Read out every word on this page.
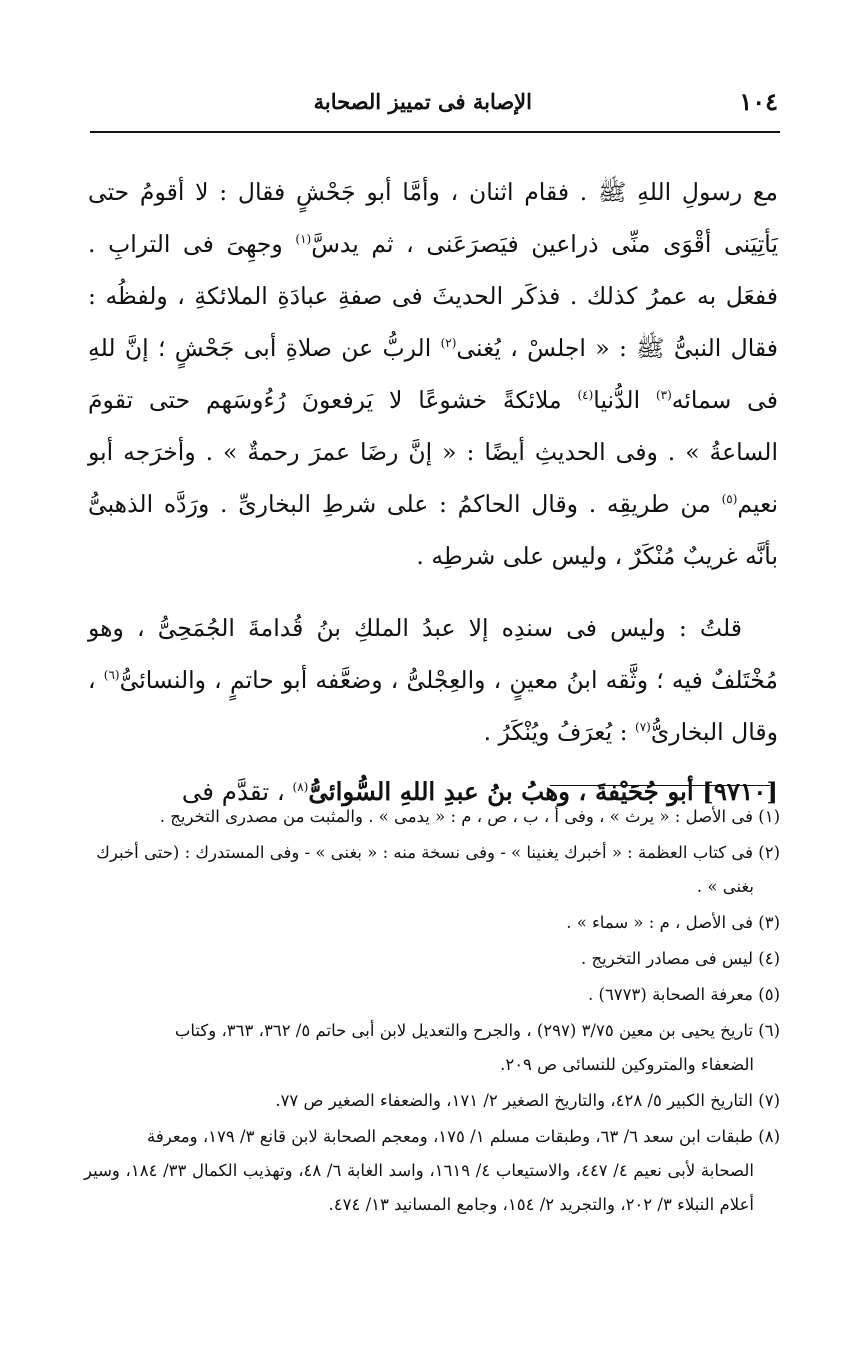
١٠٤
الإصابة فى تمييز الصحابة

مع رسولِ اللهِ ﷺ . فقام اثنان ، وأمَّا أبو جَحْشٍ فقال : لا أقومُ حتى يَأتِيَنى أقْوَى منِّى ذراعين فيَصرَعَنى ، ثم يدسَّ$^{(١)}$ وجهِىَ فى الترابِ . ففعَل به عمرُ كذلك . فذكَر الحديثَ فى صفةِ عبادَةِ الملائكةِ ، ولفظُه : فقال النبىُّ ﷺ : « اجلسْ ، يُغنى$^{(٢)}$ الربُّ عن صلاةِ أبى جَحْشٍ ؛ إنَّ للهِ فى سمائه$^{(٣)}$ الدُّنيا$^{(٤)}$ ملائكةً خشوعًا لا يَرفعونَ رُءُوسَهم حتى تقومَ الساعةُ » . وفى الحديثِ أيضًا : « إنَّ رضَا عمرَ رحمةٌ » . وأخرَجه أبو نعيم$^{(٥)}$ من طريقِه . وقال الحاكمُ : على شرطِ البخارىِّ . ورَدَّه الذهبىُّ بأنَّه غريبٌ مُنْكَرٌ ، وليس على شرطِه .

قلتُ : وليس فى سندِه إلا عبدُ الملكِ بنُ قُدامةَ الجُمَحِىُّ ، وهو مُخْتَلفٌ فيه ؛ وثَّقه ابنُ معينٍ ، والعِجْلىُّ ، وضعَّفه أبو حاتمٍ ، والنسائىُّ$^{(٦)}$ ، وقال البخارىُّ$^{(٧)}$ : يُعرَفُ ويُنْكَرُ .

[٩٧١٠] أبو جُحَيْفةَ ، وهبُ بنُ عبدِ اللهِ السُّوائىُّ$^{(٨)}$ ، تقدَّم فى

(١) فى الأصل : « يرث » ، وفى أ ، ب ، ص ، م : « يدمى » . والمثبت من مصدرى التخريج .

(٢) فى كتاب العظمة : « أخبرك يغنينا » - وفى نسخة منه : « بغنى » - وفى المستدرك : (حتى أخبرك
بغنى » .

(٣) فى الأصل ، م : « سماء » .

(٤) ليس فى مصادر التخريج .

(٥) معرفة الصحابة (٦٧٧٣) .

(٦) تاريخ يحيى بن معين ٣/٧٥ (٢٩٧) ، والجرح والتعديل لابن أبى حاتم ٥/ ٣٦٢، ٣٦٣، وكتاب
الضعفاء والمتروكين للنسائى ص ٢٠٩.

(٧) التاريخ الكبير ٥/ ٤٢٨، والتاريخ الصغير ٢/ ١٧١، والضعفاء الصغير ص ٧٧.

(٨) طبقات ابن سعد ٦/ ٦٣، وطبقات مسلم ١/ ١٧٥، ومعجم الصحابة لابن قانع ٣/ ١٧٩، ومعرفة
الصحابة لأبى نعيم ٤/ ٤٤٧، والاستيعاب ٤/ ١٦١٩، واسد الغابة ٦/ ٤٨، وتهذيب الكمال ٣٣/ ١٨٤، وسير أعلام النبلاء ٣/ ٢٠٢، والتجريد ٢/ ١٥٤، وجامع المسانيد ١٣/ ٤٧٤.
